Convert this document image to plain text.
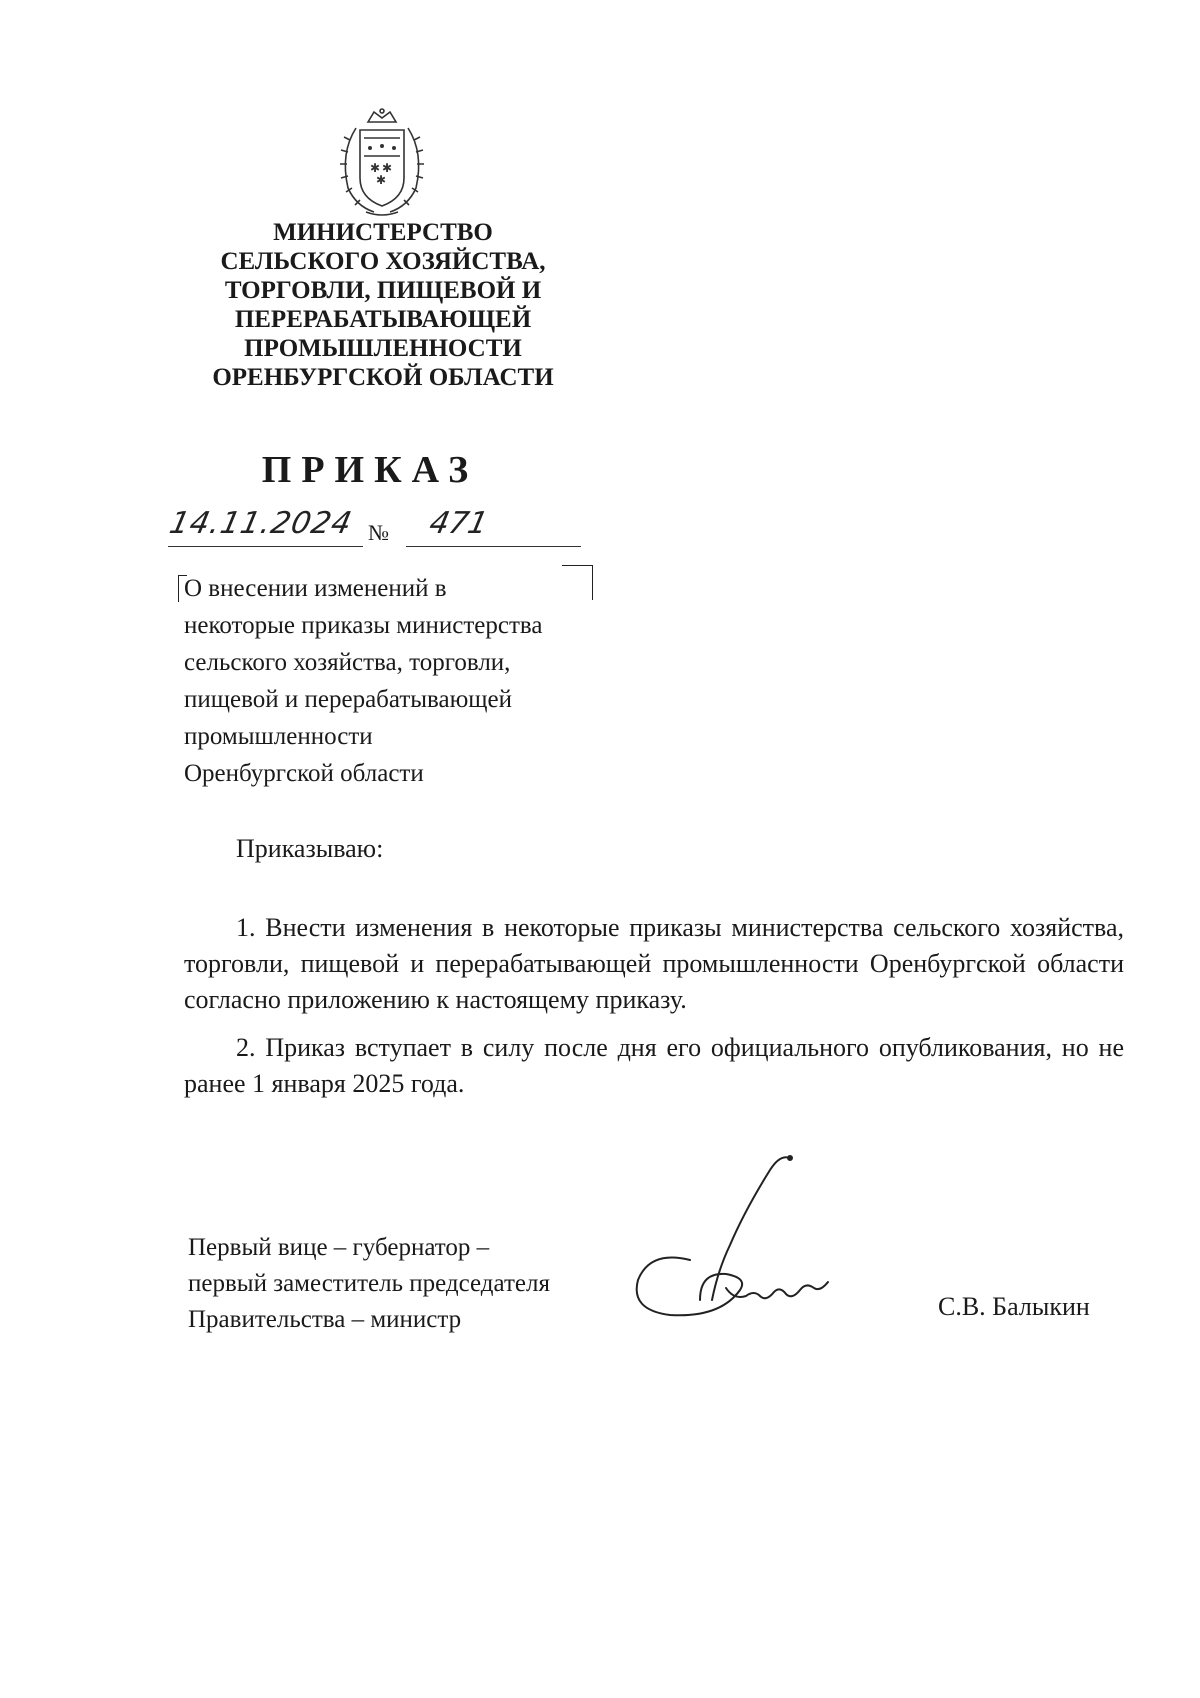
✱ ✱
✱
МИНИСТЕРСТВО
СЕЛЬСКОГО ХОЗЯЙСТВА,
ТОРГОВЛИ, ПИЩЕВОЙ И
ПЕРЕРАБАТЫВАЮЩЕЙ
ПРОМЫШЛЕННОСТИ
ОРЕНБУРГСКОЙ ОБЛАСТИ
ПРИКАЗ
14.11.2024 № 471
О внесении изменений в
некоторые приказы министерства
сельского хозяйства, торговли,
пищевой и перерабатывающей
промышленности
Оренбургской области
Приказываю:
1. Внести изменения в некоторые приказы министерства сельского хозяйства, торговли, пищевой и перерабатывающей промышленности Оренбургской области согласно приложению к настоящему приказу.
2. Приказ вступает в силу после дня его официального опубликования, но не ранее 1 января 2025 года.
Первый вице – губернатор –
первый заместитель председателя
Правительства – министр	С.В. Балыкин
